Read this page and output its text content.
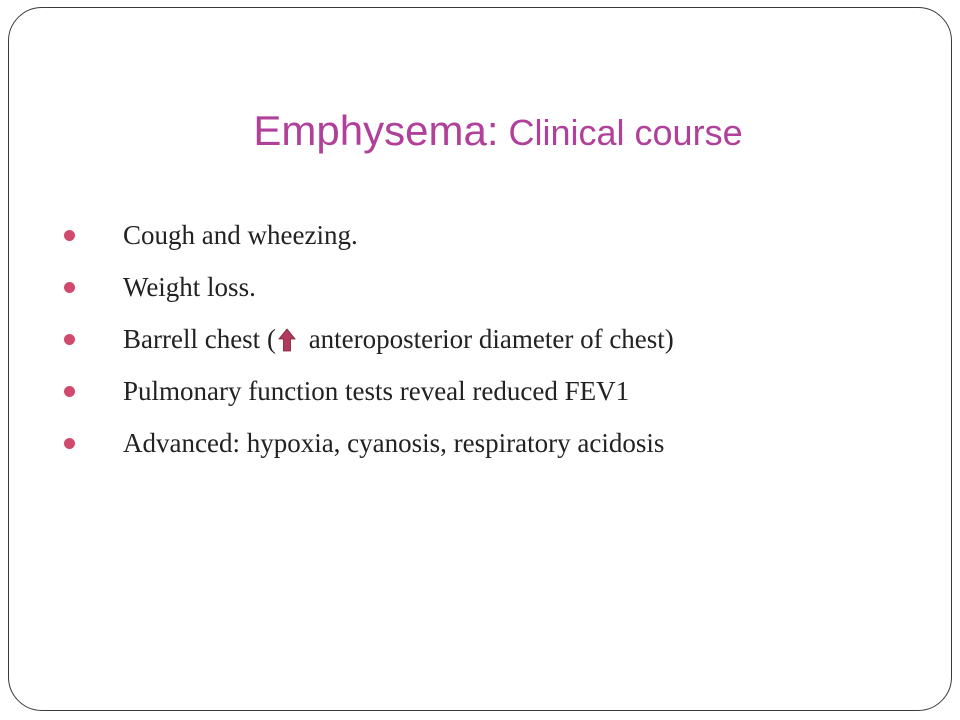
Emphysema: Clinical course
Cough and wheezing.
Weight loss.
Barrell chest ( anteroposterior diameter of chest)
Pulmonary function tests reveal reduced FEV1
Advanced: hypoxia, cyanosis, respiratory acidosis
